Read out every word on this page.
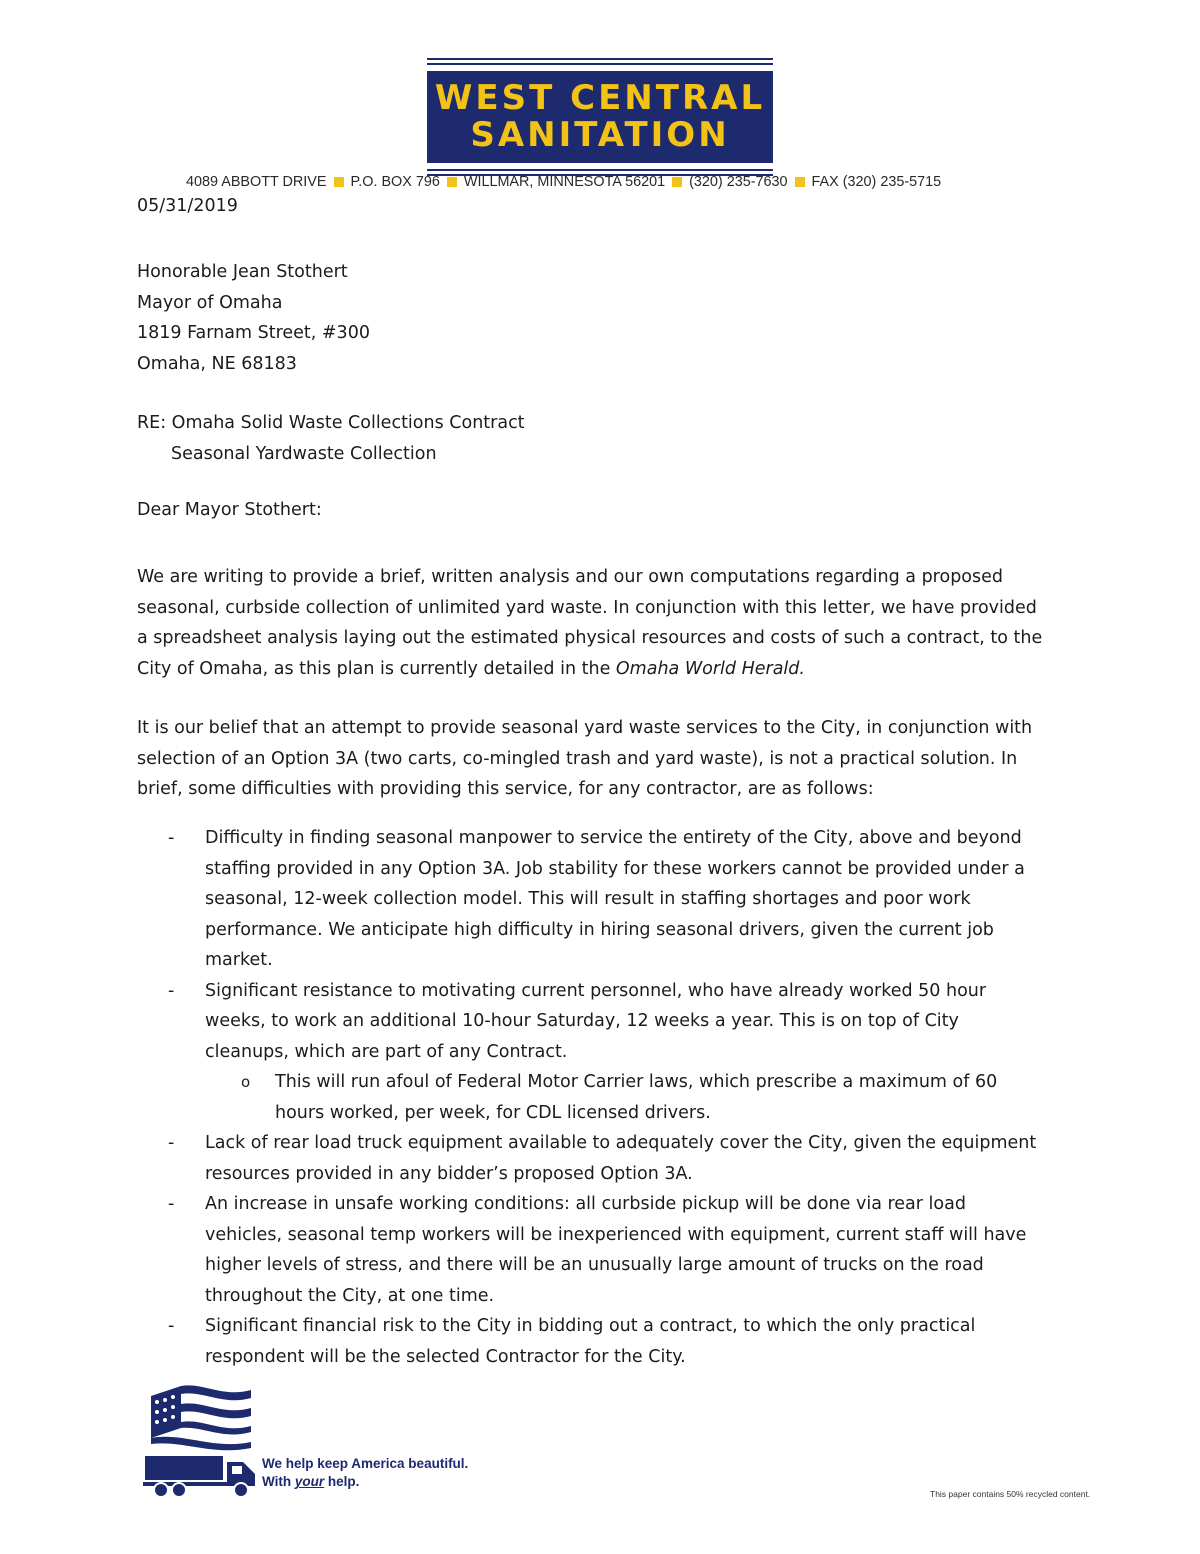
WEST CENTRAL
SANITATION
4089 ABBOTT DRIVE P.O. BOX 796 WILLMAR, MINNESOTA 56201 (320) 235-7630 FAX (320) 235-5715
05/31/2019
Honorable Jean Stothert
Mayor of Omaha
1819 Farnam Street, #300
Omaha, NE 68183
RE: Omaha Solid Waste Collections Contract
Seasonal Yardwaste Collection
Dear Mayor Stothert:
We are writing to provide a brief, written analysis and our own computations regarding a proposed seasonal, curbside collection of unlimited yard waste. In conjunction with this letter, we have provided a spreadsheet analysis laying out the estimated physical resources and costs of such a contract, to the City of Omaha, as this plan is currently detailed in the Omaha World Herald.
It is our belief that an attempt to provide seasonal yard waste services to the City, in conjunction with selection of an Option 3A (two carts, co-mingled trash and yard waste), is not a practical solution. In brief, some difficulties with providing this service, for any contractor, are as follows:
- Difficulty in finding seasonal manpower to service the entirety of the City, above and beyond staffing provided in any Option 3A. Job stability for these workers cannot be provided under a seasonal, 12-week collection model. This will result in staffing shortages and poor work performance. We anticipate high difficulty in hiring seasonal drivers, given the current job market.
- Significant resistance to motivating current personnel, who have already worked 50 hour weeks, to work an additional 10-hour Saturday, 12 weeks a year. This is on top of City cleanups, which are part of any Contract.
o This will run afoul of Federal Motor Carrier laws, which prescribe a maximum of 60 hours worked, per week, for CDL licensed drivers.
- Lack of rear load truck equipment available to adequately cover the City, given the equipment resources provided in any bidder’s proposed Option 3A.
- An increase in unsafe working conditions: all curbside pickup will be done via rear load vehicles, seasonal temp workers will be inexperienced with equipment, current staff will have higher levels of stress, and there will be an unusually large amount of trucks on the road throughout the City, at one time.
- Significant financial risk to the City in bidding out a contract, to which the only practical respondent will be the selected Contractor for the City.
We help keep America beautiful.
With your help.
This paper contains 50% recycled content.
